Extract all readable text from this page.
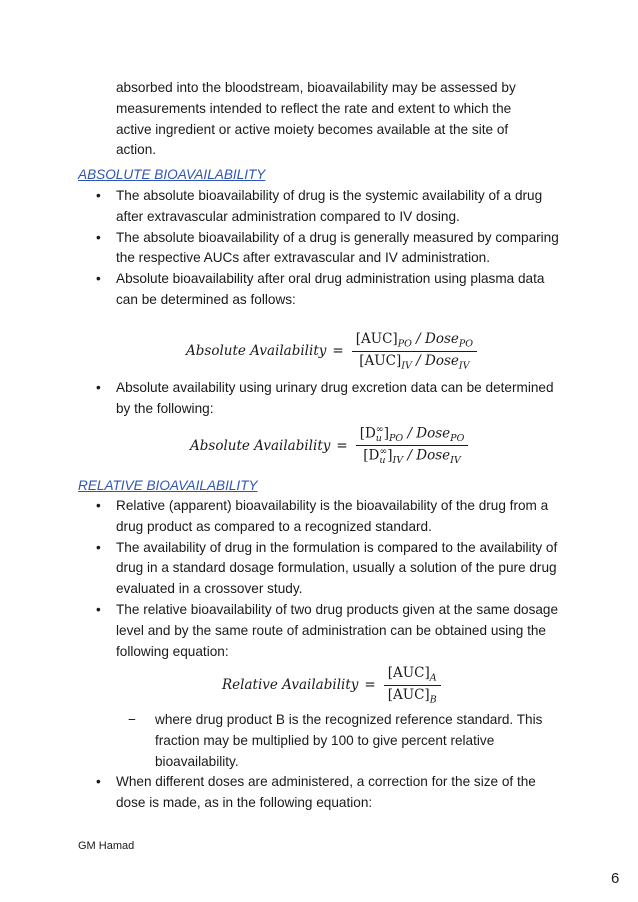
absorbed into the bloodstream, bioavailability may be assessed by
measurements intended to reflect the rate and extent to which the
active ingredient or active moiety becomes available at the site of
action.
ABSOLUTE BIOAVAILABILITY
•	The absolute bioavailability of drug is the systemic availability of a drug after extravascular administration compared to IV dosing.
•	The absolute bioavailability of a drug is generally measured by comparing the respective AUCs after extravascular and IV administration.
•	Absolute bioavailability after oral drug administration using plasma data can be determined as follows:
Absolute Availability = $\frac{[AUC]_{PO} / Dose_{PO}}{[AUC]_{IV} / Dose_{IV}}$
•	Absolute availability using urinary drug excretion data can be determined by the following:
Absolute Availability = [D ∞
u ]$_{PO}$ / Dose$_{PO}$
[D ∞
u ]$_{IV}$ / Dose$_{IV}$
RELATIVE BIOAVAILABILITY
•	Relative (apparent) bioavailability is the bioavailability of the drug from a drug product as compared to a recognized standard.
•	The availability of drug in the formulation is compared to the availability of drug in a standard dosage formulation, usually a solution of the pure drug evaluated in a crossover study.
•	The relative bioavailability of two drug products given at the same dosage level and by the same route of administration can be obtained using the following equation:
Relative Availability = $\frac{[AUC]_A}{[AUC]_B}$
− where drug product B is the recognized reference standard. This fraction may be multiplied by 100 to give percent relative bioavailability.
•	When different doses are administered, a correction for the size of the dose is made, as in the following equation:
GM Hamad
6
